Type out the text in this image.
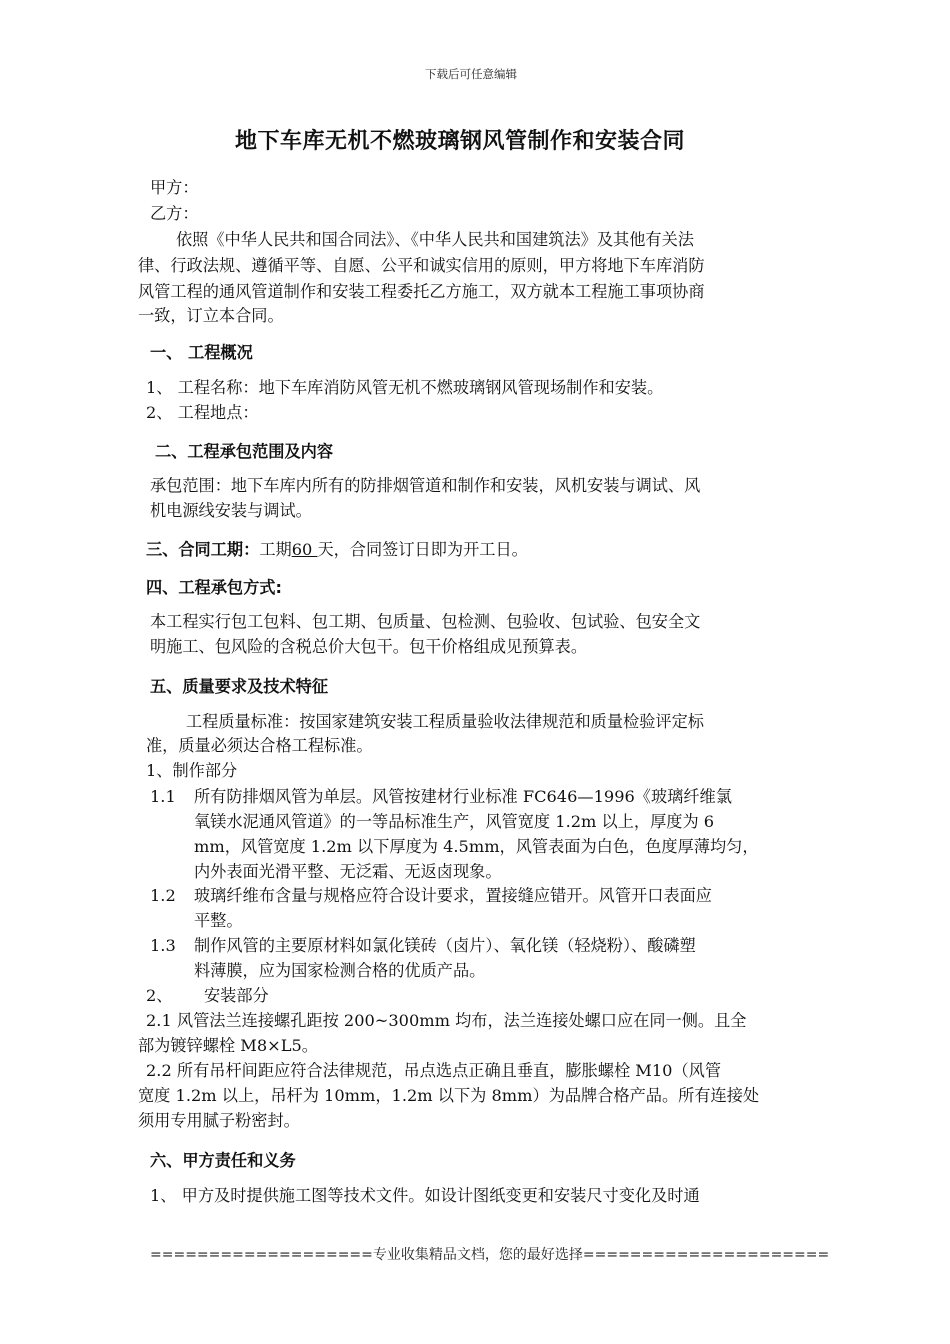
下载后可任意编辑
地下车库无机不燃玻璃钢风管制作和安装合同
甲方：
乙方：
依照《中华人民共和国合同法》、《中华人民共和国建筑法》及其他有关法
律、行政法规、遵循平等、自愿、公平和诚实信用的原则，甲方将地下车库消防
风管工程的通风管道制作和安装工程委托乙方施工，双方就本工程施工事项协商
一致，订立本合同。
一、 工程概况
1、 工程名称：地下车库消防风管无机不燃玻璃钢风管现场制作和安装。
2、 工程地点：
二、工程承包范围及内容
承包范围：地下车库内所有的防排烟管道和制作和安装，风机安装与调试、风
机电源线安装与调试。
三、合同工期：工期60 天，合同签订日即为开工日。
四、工程承包方式:
本工程实行包工包料、包工期、包质量、包检测、包验收、包试验、包安全文
明施工、包风险的含税总价大包干。包干价格组成见预算表。
五、质量要求及技术特征
工程质量标准：按国家建筑安装工程质量验收法律规范和质量检验评定标
准，质量必须达合格工程标准。
1、制作部分
1.1 所有防排烟风管为单层。风管按建材行业标准 FC646—1996《玻璃纤维氯
氧镁水泥通风管道》的一等品标准生产，风管宽度 1.2m 以上，厚度为 6
mm，风管宽度 1.2m 以下厚度为 4.5mm，风管表面为白色，色度厚薄均匀，
内外表面光滑平整、无泛霜、无返卤现象。
1.2 玻璃纤维布含量与规格应符合设计要求，置接缝应错开。风管开口表面应
平整。
1.3 制作风管的主要原材料如氯化镁砖（卤片）、氧化镁（轻烧粉）、酸磷塑
料薄膜，应为国家检测合格的优质产品。
2、 安装部分
2.1 风管法兰连接螺孔距按 200~300mm 均布，法兰连接处螺口应在同一侧。且全
部为镀锌螺栓 M8×L5。
2.2 所有吊杆间距应符合法律规范，吊点选点正确且垂直，膨胀螺栓 M10（风管
宽度 1.2m 以上，吊杆为 10mm，1.2m 以下为 8mm）为品牌合格产品。所有连接处
须用专用腻子粉密封。
六、甲方责任和义务
1、 甲方及时提供施工图等技术文件。如设计图纸变更和安装尺寸变化及时通
===================专业收集精品文档，您的最好选择=====================
